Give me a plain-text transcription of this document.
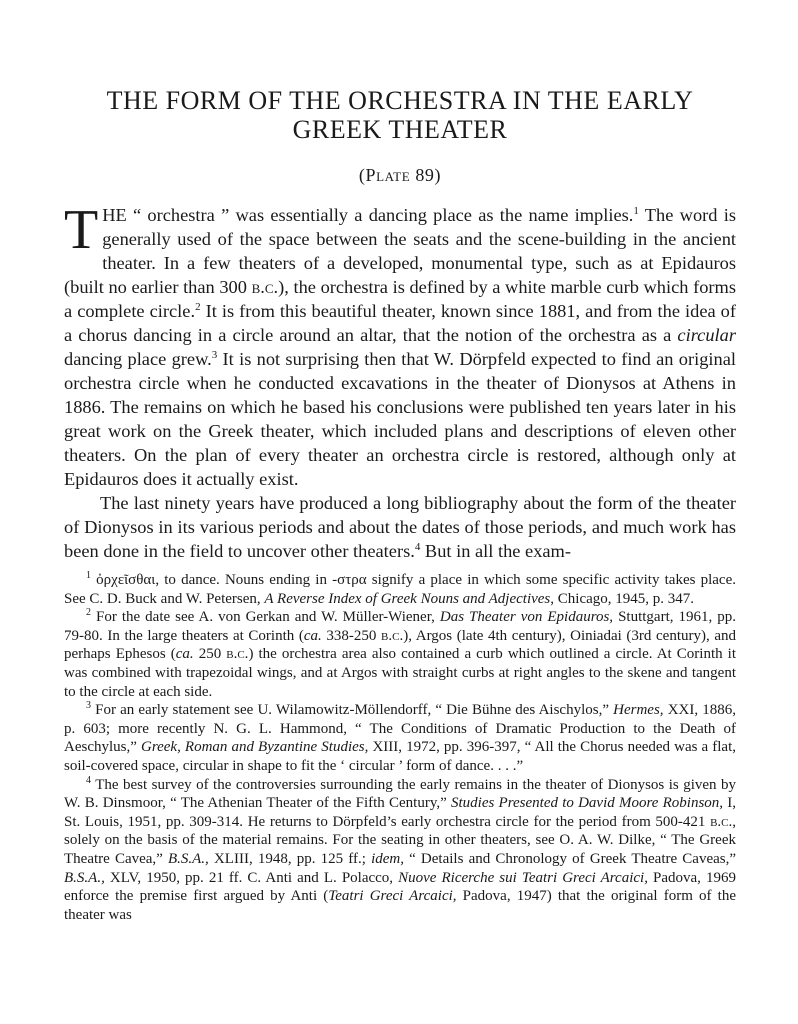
THE FORM OF THE ORCHESTRA IN THE EARLY GREEK THEATER
(Plate 89)

THE “ orchestra ” was essentially a dancing place as the name implies.$^1$ The word is generally used of the space between the seats and the scene-building in the ancient theater. In a few theaters of a developed, monumental type, such as at Epidauros (built no earlier than 300 b.c.), the orchestra is defined by a white marble curb which forms a complete circle.$^2$ It is from this beautiful theater, known since 1881, and from the idea of a chorus dancing in a circle around an altar, that the notion of the orchestra as a circular dancing place grew.$^3$ It is not surprising then that W. Dörpfeld expected to find an original orchestra circle when he conducted excavations in the theater of Dionysos at Athens in 1886. The remains on which he based his conclusions were published ten years later in his great work on the Greek theater, which included plans and descriptions of eleven other theaters. On the plan of every theater an orchestra circle is restored, although only at Epidauros does it actually exist.

The last ninety years have produced a long bibliography about the form of the theater of Dionysos in its various periods and about the dates of those periods, and much work has been done in the field to uncover other theaters.$^4$ But in all the exam-

$^1$ ὀρχεῖσθαι, to dance. Nouns ending in -στρα signify a place in which some specific activity takes place. See C. D. Buck and W. Petersen, A Reverse Index of Greek Nouns and Adjectives, Chicago, 1945, p. 347.

$^2$ For the date see A. von Gerkan and W. Müller-Wiener, Das Theater von Epidauros, Stuttgart, 1961, pp. 79-80. In the large theaters at Corinth (ca. 338-250 b.c.), Argos (late 4th century), Oiniadai (3rd century), and perhaps Ephesos (ca. 250 b.c.) the orchestra area also contained a curb which outlined a circle. At Corinth it was combined with trapezoidal wings, and at Argos with straight curbs at right angles to the skene and tangent to the circle at each side.

$^3$ For an early statement see U. Wilamowitz-Möllendorff, “ Die Bühne des Aischylos,” Hermes, XXI, 1886, p. 603; more recently N. G. L. Hammond, “ The Conditions of Dramatic Production to the Death of Aeschylus,” Greek, Roman and Byzantine Studies, XIII, 1972, pp. 396-397, “ All the Chorus needed was a flat, soil-covered space, circular in shape to fit the ‘ circular ’ form of dance. . . .”

$^4$ The best survey of the controversies surrounding the early remains in the theater of Dionysos is given by W. B. Dinsmoor, “ The Athenian Theater of the Fifth Century,” Studies Presented to David Moore Robinson, I, St. Louis, 1951, pp. 309-314. He returns to Dörpfeld’s early orchestra circle for the period from 500-421 b.c., solely on the basis of the material remains. For the seating in other theaters, see O. A. W. Dilke, “ The Greek Theatre Cavea,” B.S.A., XLIII, 1948, pp. 125 ff.; idem, “ Details and Chronology of Greek Theatre Caveas,” B.S.A., XLV, 1950, pp. 21 ff. C. Anti and L. Polacco, Nuove Ricerche sui Teatri Greci Arcaici, Padova, 1969 enforce the premise first argued by Anti (Teatri Greci Arcaici, Padova, 1947) that the original form of the theater was
